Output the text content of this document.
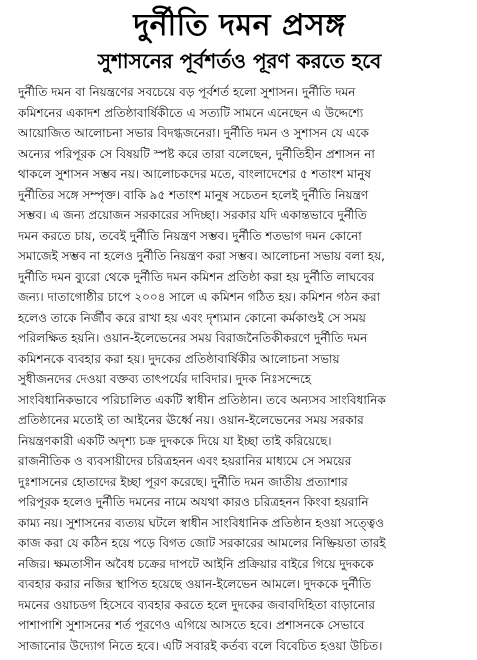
দুর্নীতি দমন প্রসঙ্গ
সুশাসনের পূর্বশর্তও পূরণ করতে হবে
দুর্নীতি দমন বা নিয়ন্ত্রণের সবচেয়ে বড় পূর্বশর্ত হলো সুশাসন। দুর্নীতি দমন
কমিশনের একাদশ প্রতিষ্ঠাবার্ষিকীতে এ সত্যটি সামনে এনেছেন এ উদ্দেশ্যে
আয়োজিত আলোচনা সভার বিদগ্ধজনেরা। দুর্নীতি দমন ও সুশাসন যে একে
অন্যের পরিপূরক সে বিষয়টি স্পষ্ট করে তারা বলেছেন, দুর্নীতিহীন প্রশাসন না
থাকলে সুশাসন সম্ভব নয়। আলোচকদের মতে, বাংলাদেশের ৫ শতাংশ মানুষ
দুর্নীতির সঙ্গে সম্পৃক্ত। বাকি ৯৫ শতাংশ মানুষ সচেতন হলেই দুর্নীতি নিয়ন্ত্রণ
সম্ভব। এ জন্য প্রয়োজন সরকারের সদিচ্ছা। সরকার যদি একান্তভাবে দুর্নীতি
দমন করতে চায়, তবেই দুর্নীতি নিয়ন্ত্রণ সম্ভব। দুর্নীতি শতভাগ দমন কোনো
সমাজেই সম্ভব না হলেও দুর্নীতি নিয়ন্ত্রণ করা সম্ভব। আলোচনা সভায় বলা হয়,
দুর্নীতি দমন ব্যুরো থেকে দুর্নীতি দমন কমিশন প্রতিষ্ঠা করা হয় দুর্নীতি লাঘবের
জন্য। দাতাগোষ্ঠীর চাপে ২০০৪ সালে এ কমিশন গঠিত হয়। কমিশন গঠন করা
হলেও তাকে নির্জীব করে রাখা হয় এবং দৃশ্যমান কোনো কর্মকাণ্ডই সে সময়
পরিলক্ষিত হয়নি। ওয়ান-ইলেভেনের সময় বিরাজনৈতিকীকরণে দুর্নীতি দমন
কমিশনকে ব্যবহার করা হয়। দুদকের প্রতিষ্ঠাবার্ষিকীর আলোচনা সভায়
সুধীজনদের দেওয়া বক্তব্য তাৎপর্যের দাবিদার। দুদক নিঃসন্দেহে
সাংবিধানিকভাবে পরিচালিত একটি স্বাধীন প্রতিষ্ঠান। তবে অন্যসব সাংবিধানিক
প্রতিষ্ঠানের মতোই তা আইনের ঊর্ধ্বে নয়। ওয়ান-ইলেভেনের সময় সরকার
নিয়ন্ত্রণকারী একটি অদৃশ্য চক্র দুদককে দিয়ে যা ইচ্ছা তাই করিয়েছে।
রাজনীতিক ও ব্যবসায়ীদের চরিত্রহনন এবং হয়রানির মাধ্যমে সে সময়ের
দুঃশাসনের হোতাদের ইচ্ছা পূরণ করেছে। দুর্নীতি দমন জাতীয় প্রত্যাশার
পরিপূরক হলেও দুর্নীতি দমনের নামে অযথা কারও চরিত্রহনন কিংবা হয়রানি
কাম্য নয়। সুশাসনের ব্যত্যয় ঘটলে স্বাধীন সাংবিধানিক প্রতিষ্ঠান হওয়া সত্ত্বেও
কাজ করা যে কঠিন হয়ে পড়ে বিগত জোট সরকারের আমলের নিষ্ক্রিয়তা তারই
নজির। ক্ষমতাসীন অবৈধ চক্রের দাপটে আইনি প্রক্রিয়ার বাইরে গিয়ে দুদককে
ব্যবহার করার নজির স্থাপিত হয়েছে ওয়ান-ইলেভেন আমলে। দুদককে দুর্নীতি
দমনের ওয়াচডগ হিসেবে ব্যবহার করতে হলে দুদকের জবাবদিহিতা বাড়ানোর
পাশাপাশি সুশাসনের শর্ত পূরণেও এগিয়ে আসতে হবে। প্রশাসনকে সেভাবে
সাজানোর উদ্যোগ নিতে হবে। এটি সবারই কর্তব্য বলে বিবেচিত হওয়া উচিত।
